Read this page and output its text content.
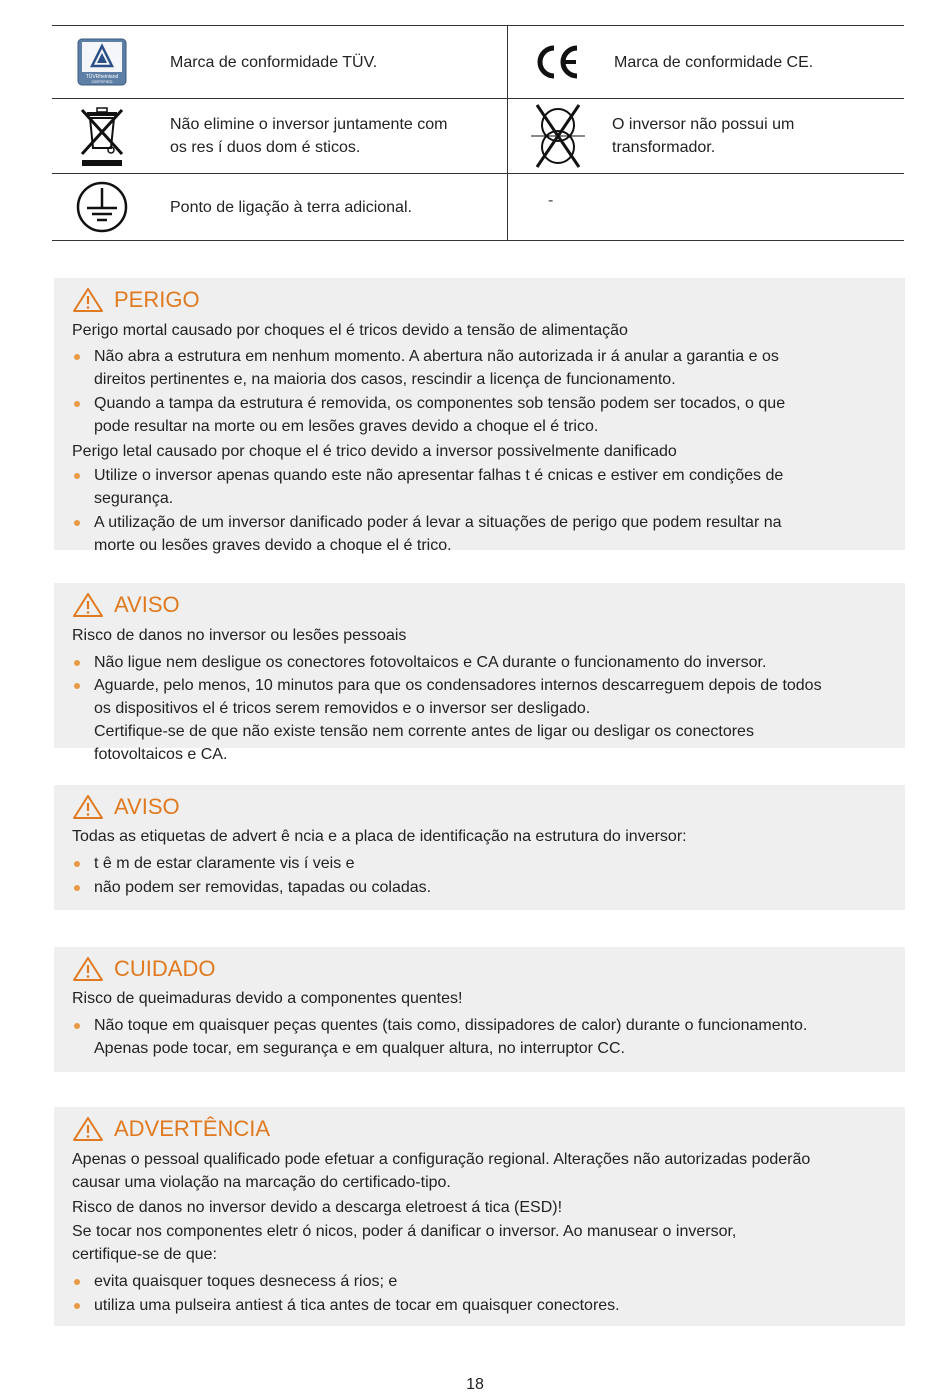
TÜVRheinland
CERTIFIED
Marca de conformidade TÜV.	Marca de conformidade CE.
Não elimine o inversor juntamente com
os res í duos dom é sticos.
O inversor não possui um
transformador.
Ponto de ligação à terra adicional.	-
PERIGO
Perigo mortal causado por choques el é tricos devido a tensão de alimentação
Não abra a estrutura em nenhum momento. A abertura não autorizada ir á anular a garantia e os
direitos pertinentes e, na maioria dos casos, rescindir a licença de funcionamento.
Quando a tampa da estrutura é removida, os componentes sob tensão podem ser tocados, o que
pode resultar na morte ou em lesões graves devido a choque el é trico.
Perigo letal causado por choque el é trico devido a inversor possivelmente danificado
Utilize o inversor apenas quando este não apresentar falhas t é cnicas e estiver em condições de
segurança.
A utilização de um inversor danificado poder á levar a situações de perigo que podem resultar na
morte ou lesões graves devido a choque el é trico.
AVISO
Risco de danos no inversor ou lesões pessoais
Não ligue nem desligue os conectores fotovoltaicos e CA durante o funcionamento do inversor.
Aguarde, pelo menos, 10 minutos para que os condensadores internos descarreguem depois de todos
os dispositivos el é tricos serem removidos e o inversor ser desligado.
Certifique-se de que não existe tensão nem corrente antes de ligar ou desligar os conectores
fotovoltaicos e CA.
AVISO
Todas as etiquetas de advert ê ncia e a placa de identificação na estrutura do inversor:
t ê m de estar claramente vis í veis e
não podem ser removidas, tapadas ou coladas.
CUIDADO
Risco de queimaduras devido a componentes quentes!
Não toque em quaisquer peças quentes (tais como, dissipadores de calor) durante o funcionamento.
Apenas pode tocar, em segurança e em qualquer altura, no interruptor CC.
ADVERTÊNCIA
Apenas o pessoal qualificado pode efetuar a configuração regional. Alterações não autorizadas poderão
causar uma violação na marcação do certificado-tipo.
Risco de danos no inversor devido a descarga eletroest á tica (ESD)!
Se tocar nos componentes eletr ó nicos, poder á danificar o inversor. Ao manusear o inversor,
certifique-se de que:
evita quaisquer toques desnecess á rios; e
utiliza uma pulseira antiest á tica antes de tocar em quaisquer conectores.
18
